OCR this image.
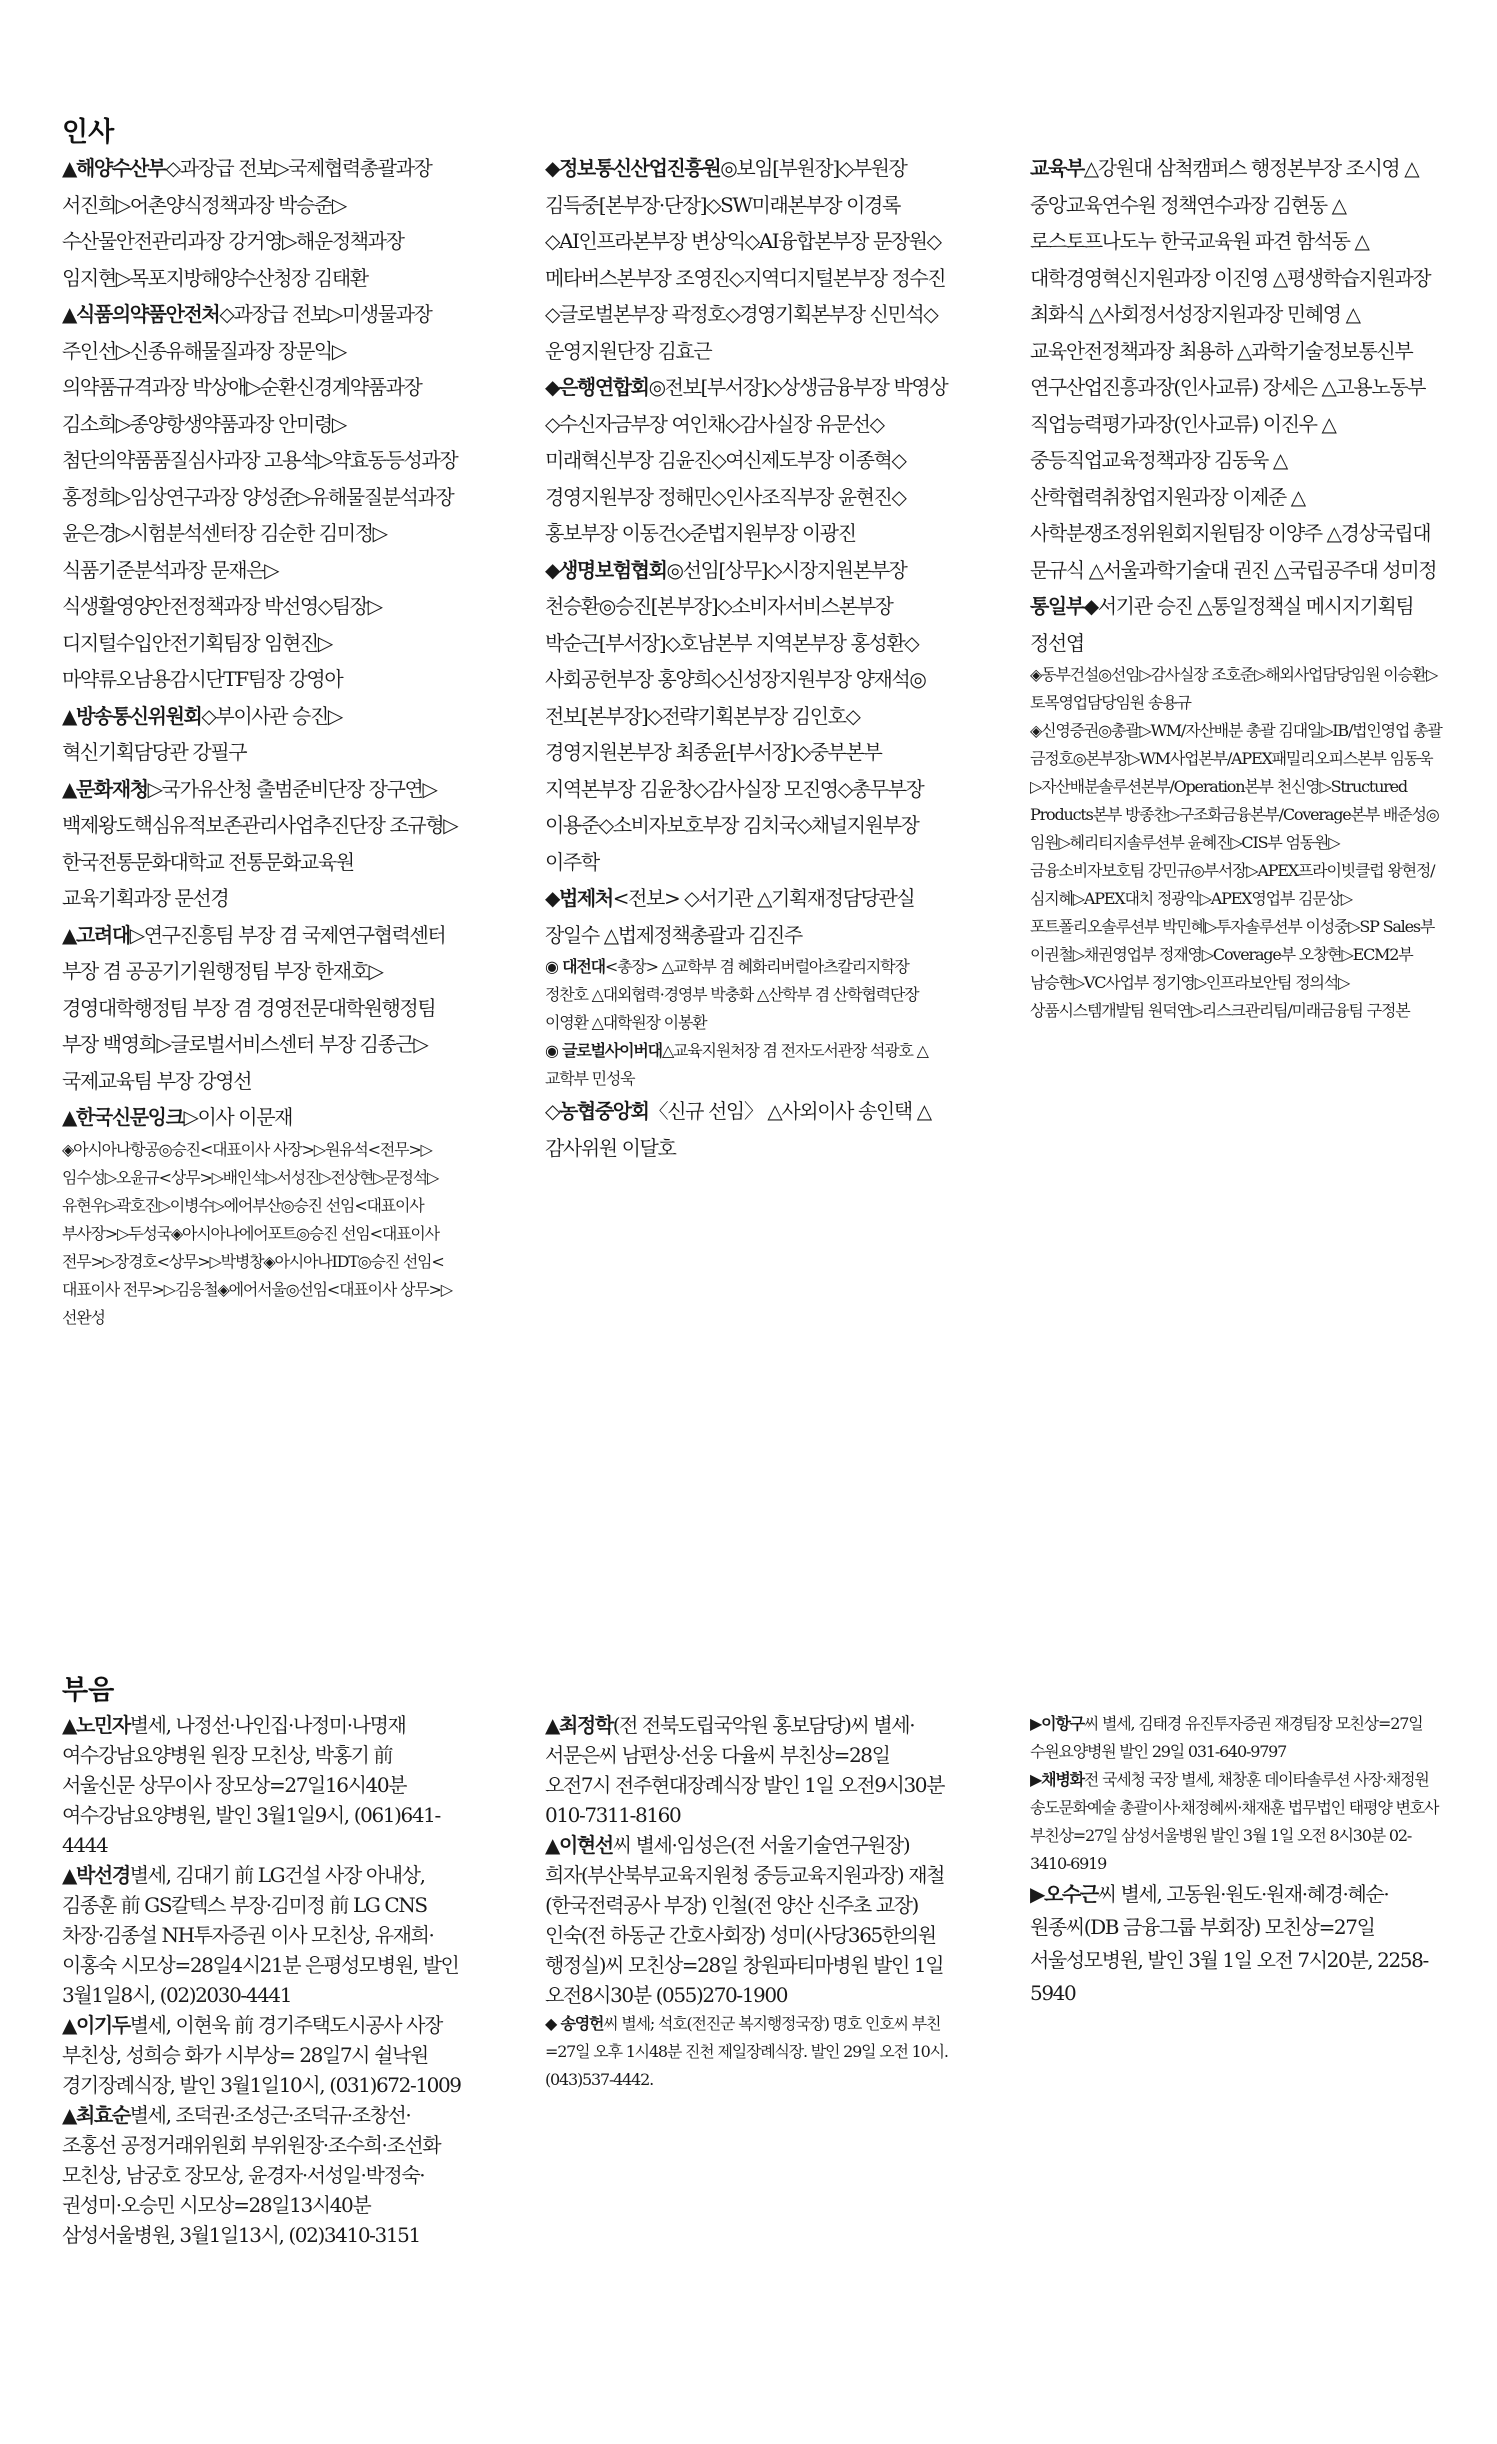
인사
부음

▲해양수산부◇과장급 전보▷국제협력총괄과장 서진희▷어촌양식정책과장 박승준▷수산물안전관리과장 강거영▷해운정책과장 임지현▷목포지방해양수산청장 김태환

▲식품의약품안전처◇과장급 전보▷미생물과장 주인선▷신종유해물질과장 장문익▷의약품규격과장 박상애▷순환신경계약품과장 김소희▷종양항생약품과장 안미령▷첨단의약품품질심사과장 고용석▷약효동등성과장 홍정희▷임상연구과장 양성준▷유해물질분석과장 윤은경▷시험분석센터장 김순한 김미정▷식품기준분석과장 문재은▷식생활영양안전정책과장 박선영◇팀장▷디지털수입안전기획팀장 임현진▷마약류오남용감시단TF팀장 강영아

▲방송통신위원회◇부이사관 승진▷혁신기획담당관 강필구

▲문화재청▷국가유산청 출범준비단장 장구연▷백제왕도핵심유적보존관리사업추진단장 조규형▷한국전통문화대학교 전통문화교육원 교육기획과장 문선경

▲고려대▷연구진흥팀 부장 겸 국제연구협력센터 부장 겸 공공기기원행정팀 부장 한재호▷경영대학행정팀 부장 겸 경영전문대학원행정팀 부장 백영희▷글로벌서비스센터 부장 김종근▷국제교육팀 부장 강영선

▲한국신문잉크▷이사 이문재

◈아시아나항공◎승진<대표이사 사장>▷원유석<전무>▷임수성▷오윤규<상무>▷배인석▷서성진▷전상현▷문정석▷유현우▷곽호진▷이병수▷에어부산◎승진 선임<대표이사 부사장>▷두성국◈아시아나에어포트◎승진 선임<대표이사 전무>▷장경호<상무>▷박병창◈아시아나IDT◎승진 선임<대표이사 전무>▷김응철◈에어서울◎선임<대표이사 상무>▷선완성

◆정보통신산업진흥원◎보임[부원장]◇부원장 김득중[본부장·단장]◇SW미래본부장 이경록◇AI인프라본부장 변상익◇AI융합본부장 문장원◇메타버스본부장 조영진◇지역디지털본부장 정수진◇글로벌본부장 곽정호◇경영기획본부장 신민석◇운영지원단장 김효근

◆은행연합회◎전보[부서장]◇상생금융부장 박영상◇수신자금부장 여인채◇감사실장 유문선◇미래혁신부장 김윤진◇여신제도부장 이종혁◇경영지원부장 정해민◇인사조직부장 윤현진◇홍보부장 이동건◇준법지원부장 이광진

◆생명보험협회◎선임[상무]◇시장지원본부장 천승환◎승진[본부장]◇소비자서비스본부장 박순근[부서장]◇호남본부 지역본부장 홍성환◇사회공헌부장 홍양희◇신성장지원부장 양재석◎전보[본부장]◇전략기획본부장 김인호◇경영지원본부장 최종윤[부서장]◇중부본부 지역본부장 김윤창◇감사실장 모진영◇총무부장 이용준◇소비자보호부장 김치국◇채널지원부장 이주학

◆법제처<전보> ◇서기관 △기획재정담당관실 장일수 △법제정책총괄과 김진주

◉ 대전대<총장> △교학부 겸 혜화리버럴아츠칼리지학장 정찬호 △대외협력·경영부 박충화 △산학부 겸 산학협력단장 이영환 △대학원장 이봉환

◉ 글로벌사이버대△교육지원처장 겸 전자도서관장 석광호 △교학부 민성욱

◇농협중앙회〈신규 선임〉 △사외이사 송인택 △감사위원 이달호

교육부△강원대 삼척캠퍼스 행정본부장 조시영 △중앙교육연수원 정책연수과장 김현동 △로스토프나도누 한국교육원 파견 함석동 △대학경영혁신지원과장 이진영 △평생학습지원과장 최화식 △사회정서성장지원과장 민혜영 △교육안전정책과장 최용하 △과학기술정보통신부 연구산업진흥과장(인사교류) 장세은 △고용노동부 직업능력평가과장(인사교류) 이진우 △중등직업교육정책과장 김동욱 △산학협력취창업지원과장 이제준 △사학분쟁조정위원회지원팀장 이양주 △경상국립대 문규식 △서울과학기술대 권진 △국립공주대 성미정

통일부◆서기관 승진 △통일정책실 메시지기획팀 정선엽

◈동부건설◎선임▷감사실장 조호준▷해외사업담당임원 이승환▷토목영업담당임원 송용규

◈신영증권◎총괄▷WM/자산배분 총괄 김대일▷IB/법인영업 총괄 금정호◎본부장▷WM사업본부/APEX패밀리오피스본부 임동욱▷자산배분솔루션본부/Operation본부 천신영▷Structured Products본부 방종찬▷구조화금융본부/Coverage본부 배준성◎임원▷헤리티지솔루션부 윤혜진▷CIS부 엄동원▷금융소비자보호팀 강민규◎부서장▷APEX프라이빗클럽 왕현정/심지혜▷APEX대치 정광익▷APEX영업부 김문상▷포트폴리오솔루션부 박민혜▷투자솔루션부 이성중▷SP Sales부 이권철▷채권영업부 정재영▷Coverage부 오창현▷ECM2부 남승현▷VC사업부 정기영▷인프라보안팀 정의석▷상품시스템개발팀 원덕연▷리스크관리팀/미래금융팀 구정본

▲노민자별세, 나정선·나인집·나정미·나명재 여수강남요양병원 원장 모친상, 박홍기 前 서울신문 상무이사 장모상=27일16시40분 여수강남요양병원, 발인 3월1일9시, (061)641-4444

▲박선경별세, 김대기 前 LG건설 사장 아내상, 김종훈 前 GS칼텍스 부장·김미정 前 LG CNS 차장·김종설 NH투자증권 이사 모친상, 유재희·이홍숙 시모상=28일4시21분 은평성모병원, 발인 3월1일8시, (02)2030-4441

▲이기두별세, 이현욱 前 경기주택도시공사 사장 부친상, 성희승 화가 시부상= 28일7시 쉴낙원 경기장례식장, 발인 3월1일10시, (031)672-1009

▲최효순별세, 조덕권·조성근·조덕규·조창선·조홍선 공정거래위원회 부위원장·조수희·조선화 모친상, 남궁호 장모상, 윤경자·서성일·박정숙·권성미·오승민 시모상=28일13시40분 삼성서울병원, 3월1일13시, (02)3410-3151

▲최정학(전 전북도립국악원 홍보담당)씨 별세·서문은씨 남편상·선웅 다율씨 부친상=28일 오전7시 전주현대장례식장 발인 1일 오전9시30분 010-7311-8160

▲이현선씨 별세·임성은(전 서울기술연구원장) 희자(부산북부교육지원청 중등교육지원과장) 재철(한국전력공사 부장) 인철(전 양산 신주초 교장) 인숙(전 하동군 간호사회장) 성미(사당365한의원 행정실)씨 모친상=28일 창원파티마병원 발인 1일 오전8시30분 (055)270-1900

◆ 송영헌씨 별세; 석호(전진군 복지행정국장) 명호 인호씨 부친=27일 오후 1시48분 진천 제일장례식장. 발인 29일 오전 10시. (043)537-4442.

▶이항구씨 별세, 김태경 유진투자증권 재경팀장 모친상=27일 수원요양병원 발인 29일 031-640-9797

▶채병화전 국세청 국장 별세, 채창훈 데이타솔루션 사장·채정원 송도문화예술 총괄이사·채정혜씨·채재훈 법무법인 태평양 변호사 부친상=27일 삼성서울병원 발인 3월 1일 오전 8시30분 02-3410-6919

▶오수근씨 별세, 고동원·원도·원재·혜경·혜순·원종씨(DB 금융그룹 부회장) 모친상=27일 서울성모병원, 발인 3월 1일 오전 7시20분, 2258-5940
